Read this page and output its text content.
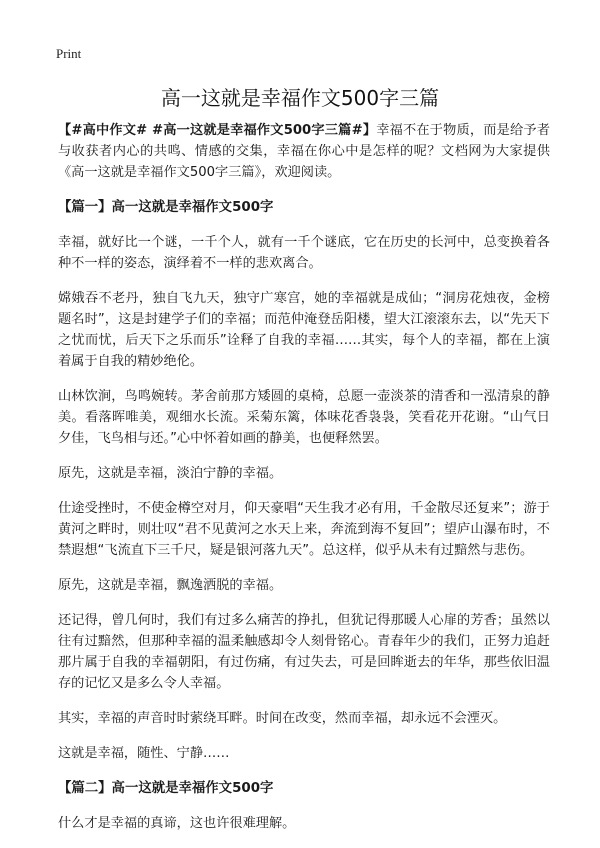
Print
高一这就是幸福作文500字三篇

【#高中作文# #高一这就是幸福作文500字三篇#】幸福不在于物质，而是给予者与收获者内心的共鸣、情感的交集，幸福在你心中是怎样的呢？文档网为大家提供《高一这就是幸福作文500字三篇》，欢迎阅读。

【篇一】高一这就是幸福作文500字

幸福，就好比一个谜，一千个人，就有一千个谜底，它在历史的长河中，总变换着各种不一样的姿态，演绎着不一样的悲欢离合。

嫦娥吞不老丹，独自飞九天，独守广寒宫，她的幸福就是成仙；“洞房花烛夜，金榜题名时”，这是封建学子们的幸福；而范仲淹登岳阳楼，望大江滚滚东去，以“先天下之忧而忧，后天下之乐而乐”诠释了自我的幸福……其实，每个人的幸福，都在上演着属于自我的精妙绝伦。

山林饮涧，鸟鸣婉转。茅舍前那方矮圆的桌椅，总愿一壶淡茶的清香和一泓清泉的静美。看落晖唯美，观细水长流。采菊东篱，体味花香袅袅，笑看花开花谢。“山气日夕佳，飞鸟相与还。”心中怀着如画的静美，也便释然罢。

原先，这就是幸福，淡泊宁静的幸福。

仕途受挫时，不使金樽空对月，仰天豪唱“天生我才必有用，千金散尽还复来”；游于黄河之畔时，则壮叹“君不见黄河之水天上来，奔流到海不复回”；望庐山瀑布时，不禁遐想“飞流直下三千尺，疑是银河落九天”。总这样，似乎从未有过黯然与悲伤。

原先，这就是幸福，飘逸洒脱的幸福。

还记得，曾几何时，我们有过多么痛苦的挣扎，但犹记得那暖人心扉的芳香；虽然以往有过黯然，但那种幸福的温柔触感却令人刻骨铭心。青春年少的我们，正努力追赶那片属于自我的幸福朝阳，有过伤痛，有过失去，可是回眸逝去的年华，那些依旧温存的记忆又是多么令人幸福。

其实，幸福的声音时时萦绕耳畔。时间在改变，然而幸福，却永远不会湮灭。

这就是幸福，随性、宁静……

【篇二】高一这就是幸福作文500字

什么才是幸福的真谛，这也许很难理解。
